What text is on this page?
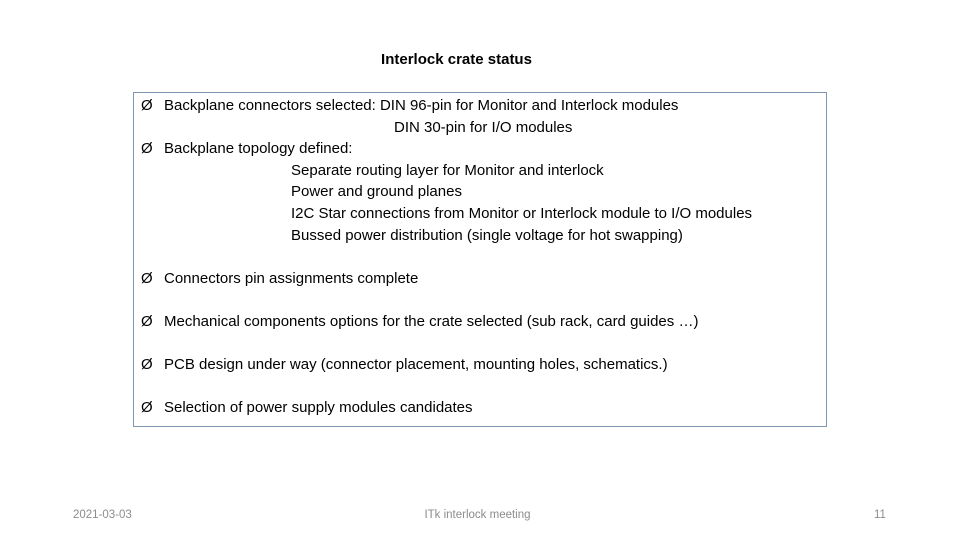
Interlock crate status
Ø Backplane connectors selected: DIN 96-pin for Monitor and Interlock modules
DIN 30-pin for I/O modules
Ø Backplane topology defined:
Separate routing layer for Monitor and interlock
Power and ground planes
I2C Star connections from Monitor or Interlock module to I/O modules
Bussed power distribution (single voltage for hot swapping)
Ø Connectors pin assignments complete
Ø Mechanical components options for the crate selected (sub rack, card guides …)
Ø PCB design under way (connector placement, mounting holes, schematics.)
Ø Selection of power supply modules candidates
2021-03-03	ITk interlock meeting	11
